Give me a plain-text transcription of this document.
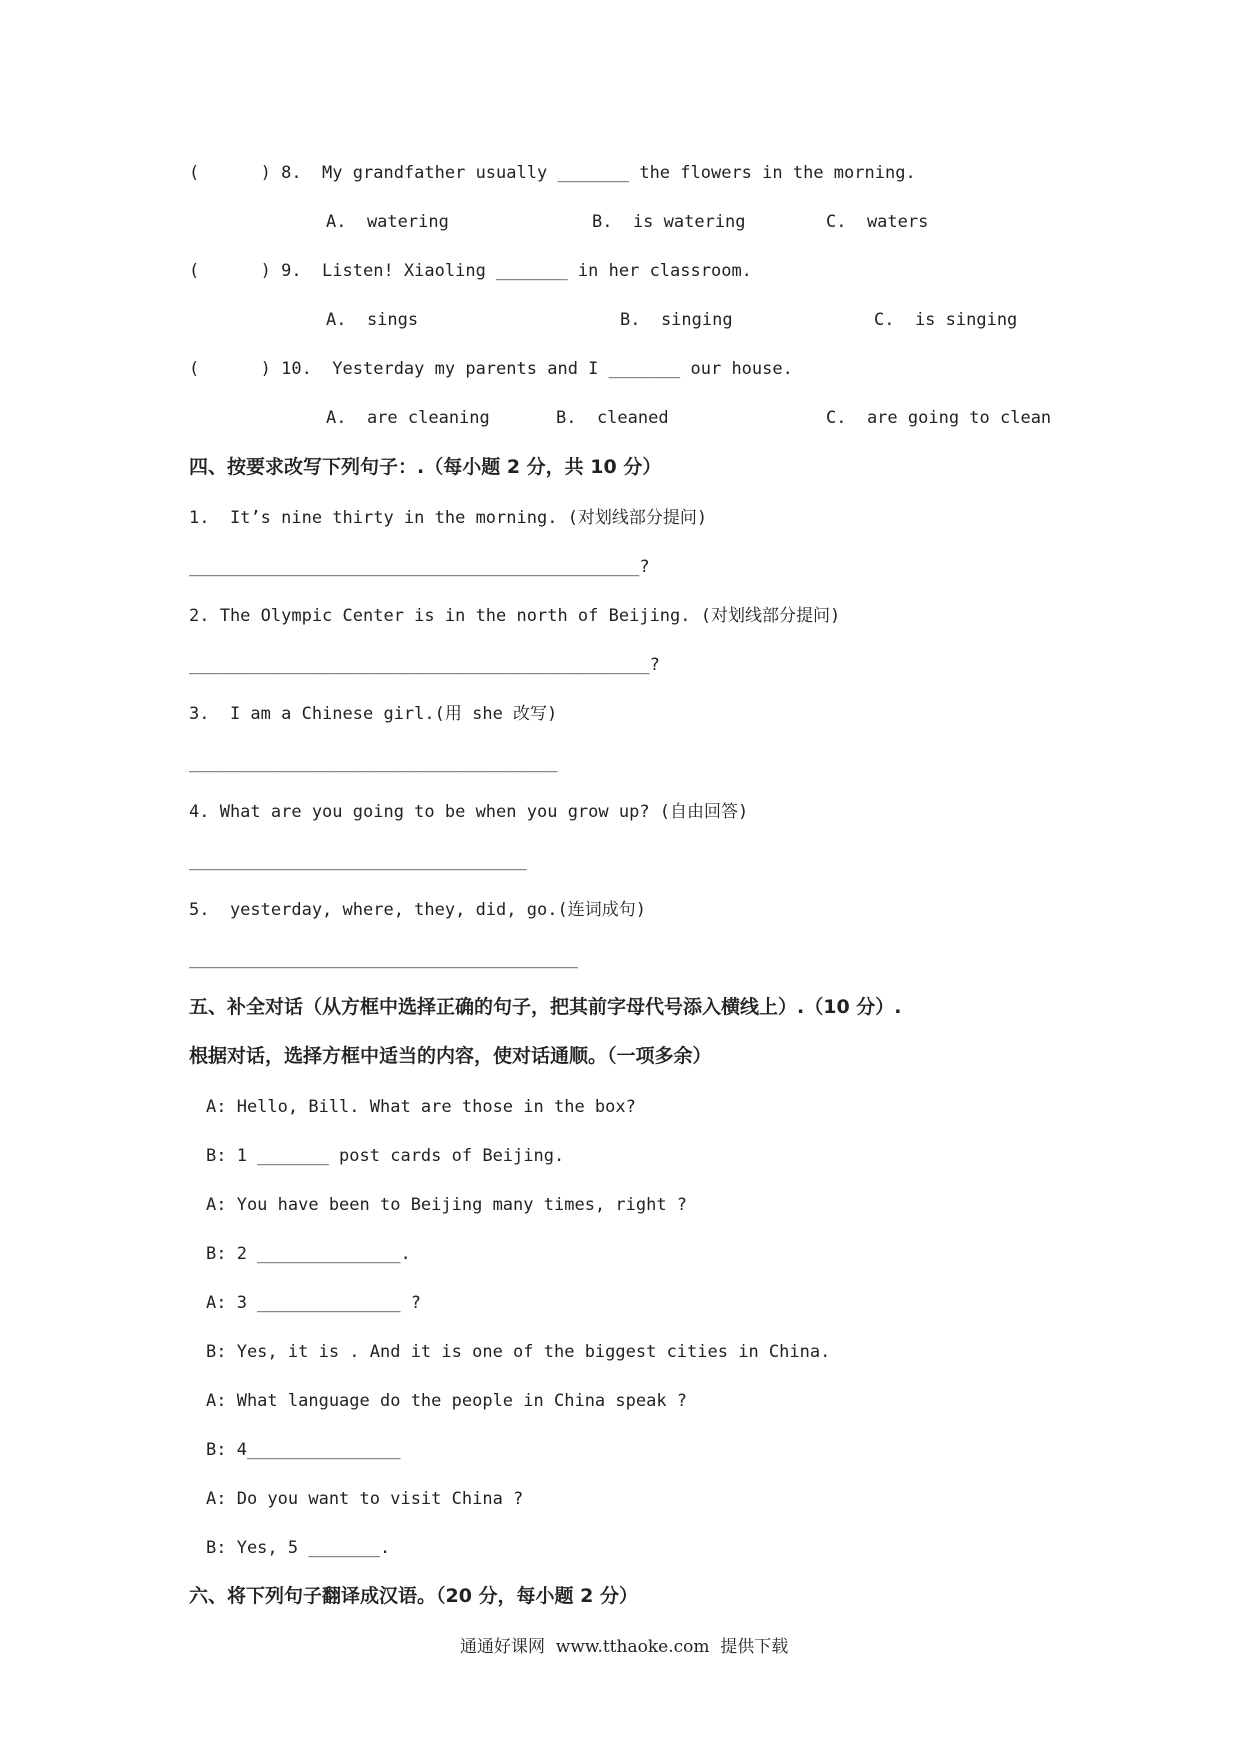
(      ) 8.  My grandfather usually _______ the flowers in the morning.
A.  watering	B.  is watering	C.  waters
(      ) 9.  Listen! Xiaoling _______ in her classroom.
A.  sings	B.  singing	C.  is singing
(      ) 10.  Yesterday my parents and I _______ our house.
A.  are cleaning	B.  cleaned	C.  are going to clean
四、按要求改写下列句子：.（每小题 2 分，共 10 分）
1.  It’s nine thirty in the morning. (对划线部分提问)
____________________________________________?
2. The Olympic Center is in the north of Beijing. (对划线部分提问)
_____________________________________________?
3.  I am a Chinese girl.(用 she 改写)
____________________________________
4. What are you going to be when you grow up? (自由回答)
_________________________________
5.  yesterday, where, they, did, go.(连词成句)
______________________________________
五、补全对话（从方框中选择正确的句子，把其前字母代号添入横线上）.（10 分）.
根据对话，选择方框中适当的内容，使对话通顺。（一项多余）
A: Hello, Bill. What are those in the box?
B: 1 _______ post cards of Beijing.
A: You have been to Beijing many times, right ?
B: 2 ______________.
A: 3 ______________ ?
B: Yes, it is . And it is one of the biggest cities in China.
A: What language do the people in China speak ?
B: 4_______________
A: Do you want to visit China ?
B: Yes, 5 _______.
六、将下列句子翻译成汉语。（20 分，每小题 2 分）
通通好课网  www.tthaoke.com  提供下载
